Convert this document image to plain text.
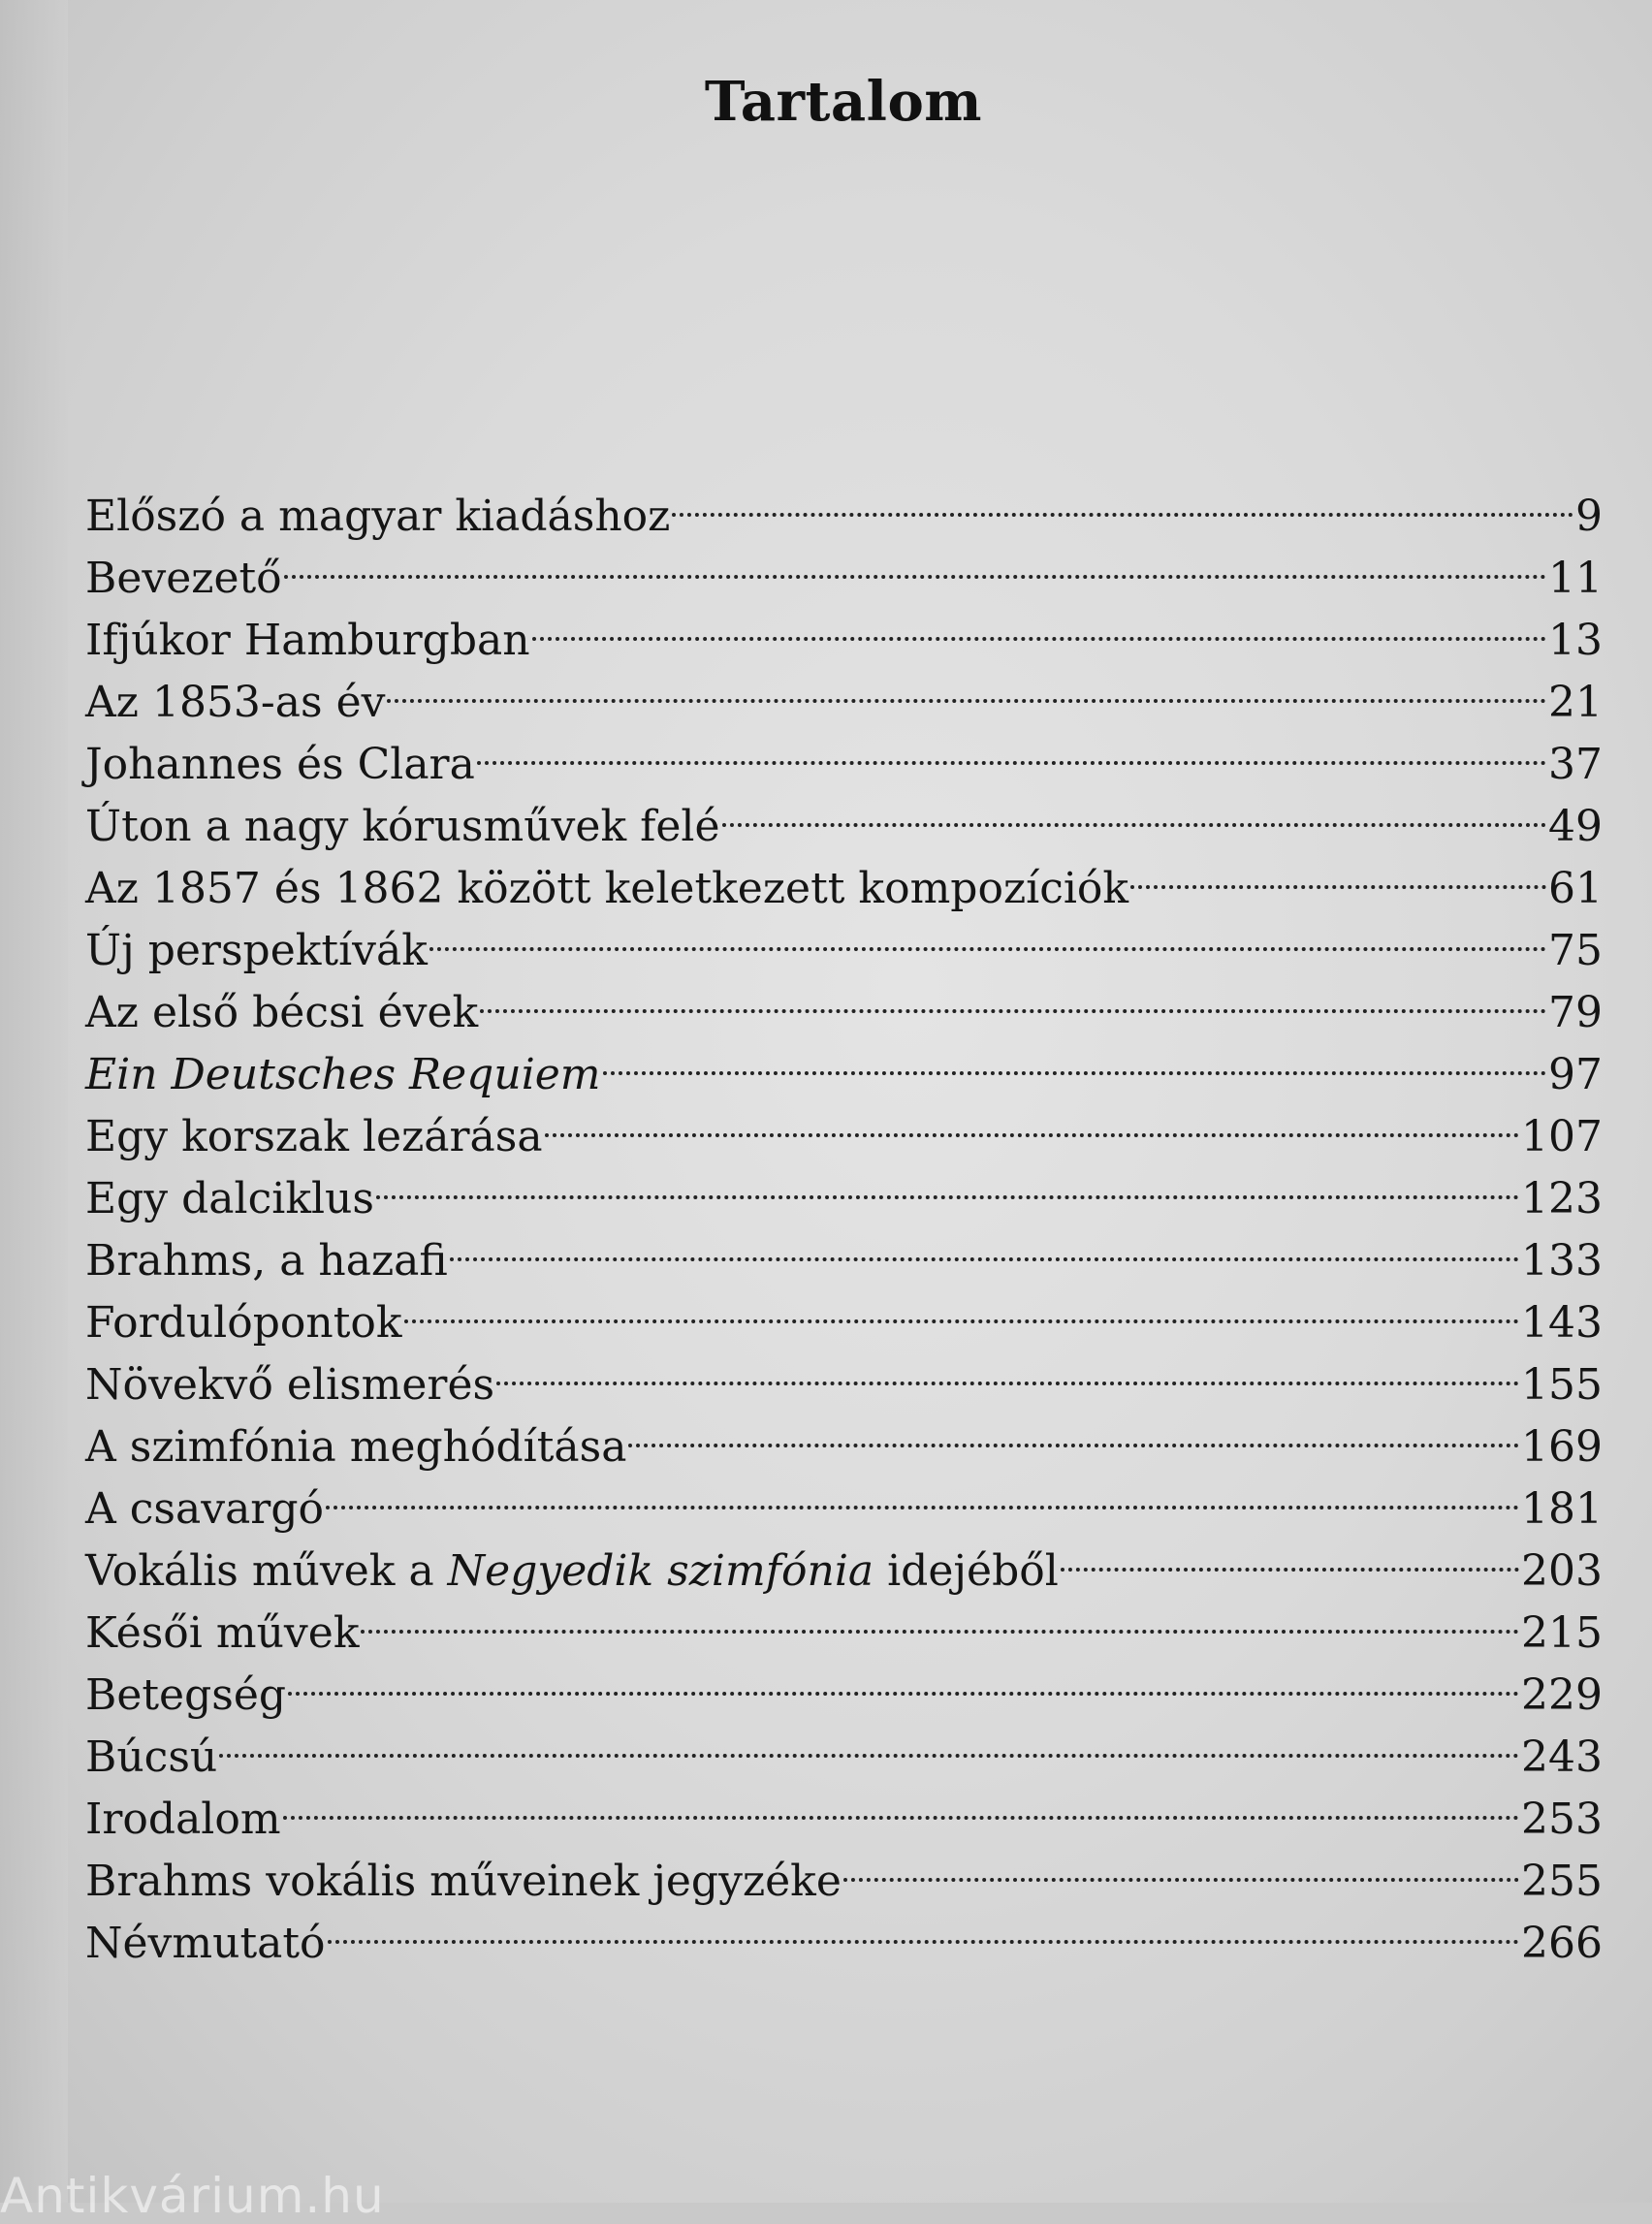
Tartalom
Előszó a magyar kiadáshoz	9
Bevezető	11
Ifjúkor Hamburgban	13
Az 1853-as év	21
Johannes és Clara	37
Úton a nagy kórusművek felé	49
Az 1857 és 1862 között keletkezett kompozíciók	61
Új perspektívák	75
Az első bécsi évek	79
Ein Deutsches Requiem	97
Egy korszak lezárása	107
Egy dalciklus	123
Brahms, a hazafi	133
Fordulópontok	143
Növekvő elismerés	155
A szimfónia meghódítása	169
A csavargó	181
Vokális művek a Negyedik szimfónia idejéből	203
Késői művek	215
Betegség	229
Búcsú	243
Irodalom	253
Brahms vokális műveinek jegyzéke	255
Névmutató	266
Antikvárium.hu
